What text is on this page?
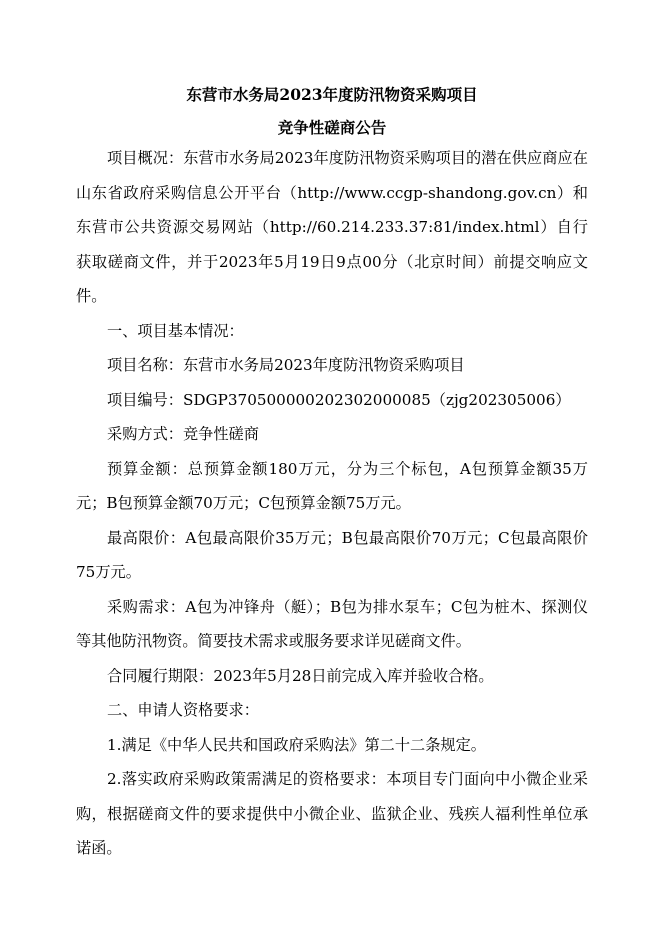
东营市水务局2023年度防汛物资采购项目

竞争性磋商公告

项目概况：东营市水务局2023年度防汛物资采购项目的潜在供应商应在山东省政府采购信息公开平台（http://www.ccgp-shandong.gov.cn）和东营市公共资源交易网站（http://60.214.233.37:81/index.html）自行获取磋商文件，并于2023年5月19日9点00分（北京时间）前提交响应文件。

一、项目基本情况：

项目名称：东营市水务局2023年度防汛物资采购项目

项目编号：SDGP370500000202302000085（zjg202305006）

采购方式：竞争性磋商

预算金额：总预算金额180万元，分为三个标包，A包预算金额35万元；B包预算金额70万元；C包预算金额75万元。

最高限价：A包最高限价35万元；B包最高限价70万元；C包最高限价75万元。

采购需求：A包为冲锋舟（艇）；B包为排水泵车；C包为桩木、探测仪等其他防汛物资。简要技术需求或服务要求详见磋商文件。

合同履行期限：2023年5月28日前完成入库并验收合格。

二、申请人资格要求：

1.满足《中华人民共和国政府采购法》第二十二条规定。

2.落实政府采购政策需满足的资格要求：本项目专门面向中小微企业采购，根据磋商文件的要求提供中小微企业、监狱企业、残疾人福利性单位承诺函。
